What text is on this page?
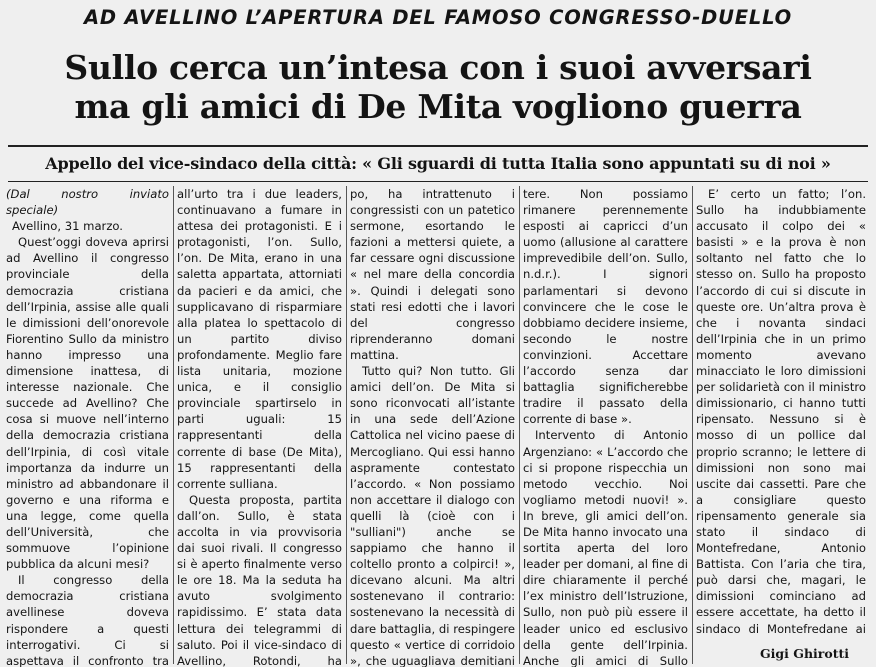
AD AVELLINO L’APERTURA DEL FAMOSO CONGRESSO-DUELLO
Sullo cerca un’intesa con i suoi avversari
ma gli amici di De Mita vogliono guerra
Appello del vice-sindaco della città: « Gli sguardi di tutta Italia sono appuntati su di noi »

(Dal nostro inviato speciale)

Avellino, 31 marzo.

Quest’oggi doveva aprirsi ad Avellino il congresso provinciale della democrazia cristiana dell’Irpinia, assise alle quali le dimissioni dell’onorevole Fiorentino Sullo da ministro hanno impresso una dimensione inattesa, di interesse nazionale. Che succede ad Avellino? Che cosa si muove nell’interno della democrazia cristiana dell’Irpinia, di così vitale importanza da indurre un ministro ad abbandonare il governo e una riforma e una legge, come quella dell’Università, che sommuove l’opinione pubblica da alcuni mesi?

Il congresso della democrazia cristiana avellinese doveva rispondere a questi interrogativi. Ci si aspettava il confronto tra

all’urto tra i due leaders, continuavano a fumare in attesa dei protagonisti. E i protagonisti, l’on. Sullo, l’on. De Mita, erano in una saletta appartata, attorniati da pacieri e da amici, che supplicavano di risparmiare alla platea lo spettacolo di un partito diviso profondamente. Meglio fare lista unitaria, mozione unica, e il consiglio provinciale spartirselo in parti uguali: 15 rappresentanti della corrente di base (De Mita), 15 rappresentanti della corrente sulliana.

Questa proposta, partita dall’on. Sullo, è stata accolta in via provvisoria dai suoi rivali. Il congresso si è aperto finalmente verso le ore 18. Ma la seduta ha avuto svolgimento rapidissimo. E’ stata data lettura dei telegrammi di saluto. Poi il vice-sindaco di Avellino, Rotondi, ha

po, ha intrattenuto i congressisti con un patetico sermone, esortando le fazioni a mettersi quiete, a far cessare ogni discussione « nel mare della concordia ». Quindi i delegati sono stati resi edotti che i lavori del congresso riprenderanno domani mattina.

Tutto qui? Non tutto. Gli amici dell’on. De Mita si sono riconvocati all’istante in una sede dell’Azione Cattolica nel vicino paese di Mercogliano. Qui essi hanno aspramente contestato l’accordo. « Non possiamo non accettare il dialogo con quelli là (cioè con i "sulliani") anche se sappiamo che hanno il coltello pronto a colpirci! », dicevano alcuni. Ma altri sostenevano il contrario: sostenevano la necessità di dare battaglia, di respingere questo « vertice di corridoio », che uguagliava demitiani

tere. Non possiamo rimanere perennemente esposti ai capricci d’un uomo (allusione al carattere imprevedibile dell’on. Sullo, n.d.r.). I signori parlamentari si devono convincere che le cose le dobbiamo decidere insieme, secondo le nostre convinzioni. Accettare l’accordo senza dar battaglia significherebbe tradire il passato della corrente di base ».

Intervento di Antonio Argenziano: « L’accordo che ci si propone rispecchia un metodo vecchio. Noi vogliamo metodi nuovi! ». In breve, gli amici dell’on. De Mita hanno invocato una sortita aperta del loro leader per domani, al fine di dire chiaramente il perché l’ex ministro dell’Istruzione, Sullo, non può più essere il leader unico ed esclusivo della gente dell’Irpinia. Anche gli amici di Sullo

E’ certo un fatto; l’on. Sullo ha indubbiamente accusato il colpo dei « basisti » e la prova è non soltanto nel fatto che lo stesso on. Sullo ha proposto l’accordo di cui si discute in queste ore. Un’altra prova è che i novanta sindaci dell’Irpinia che in un primo momento avevano minacciato le loro dimissioni per solidarietà con il ministro dimissionario, ci hanno tutti ripensato. Nessuno si è mosso di un pollice dal proprio scranno; le lettere di dimissioni non sono mai uscite dai cassetti. Pare che a consigliare questo ripensamento generale sia stato il sindaco di Montefredane, Antonio Battista. Con l’aria che tira, può darsi che, magari, le dimissioni cominciano ad essere accettate, ha detto il sindaco di Montefredane ai

Gigi Ghirotti
